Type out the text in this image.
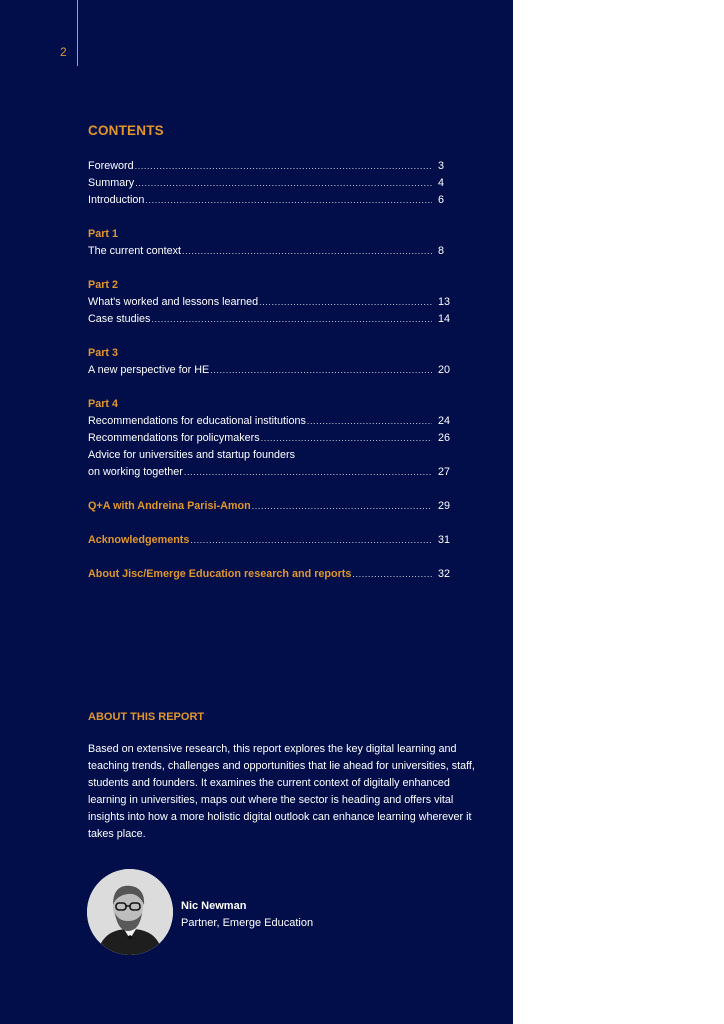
2
CONTENTS
Foreword .....	3
Summary .....	4
Introduction .....	6
Part 1
The current context .....	8
Part 2
What's worked and lessons learned .....	13
Case studies .....	14
Part 3
A new perspective for HE .....	20
Part 4
Recommendations for educational institutions .....	24
Recommendations for policymakers .....	26
Advice for universities and startup founders
on working together .....	27
Q+A with Andreina Parisi-Amon .....	29
Acknowledgements .....	31
About Jisc/Emerge Education research and reports .....	32
ABOUT THIS REPORT
Based on extensive research, this report explores the key digital learning and teaching trends, challenges and opportunities that lie ahead for universities, staff, students and founders. It examines the current context of digitally enhanced learning in universities, maps out where the sector is heading and offers vital insights into how a more holistic digital outlook can enhance learning wherever it takes place.
Nic Newman
Partner, Emerge Education
